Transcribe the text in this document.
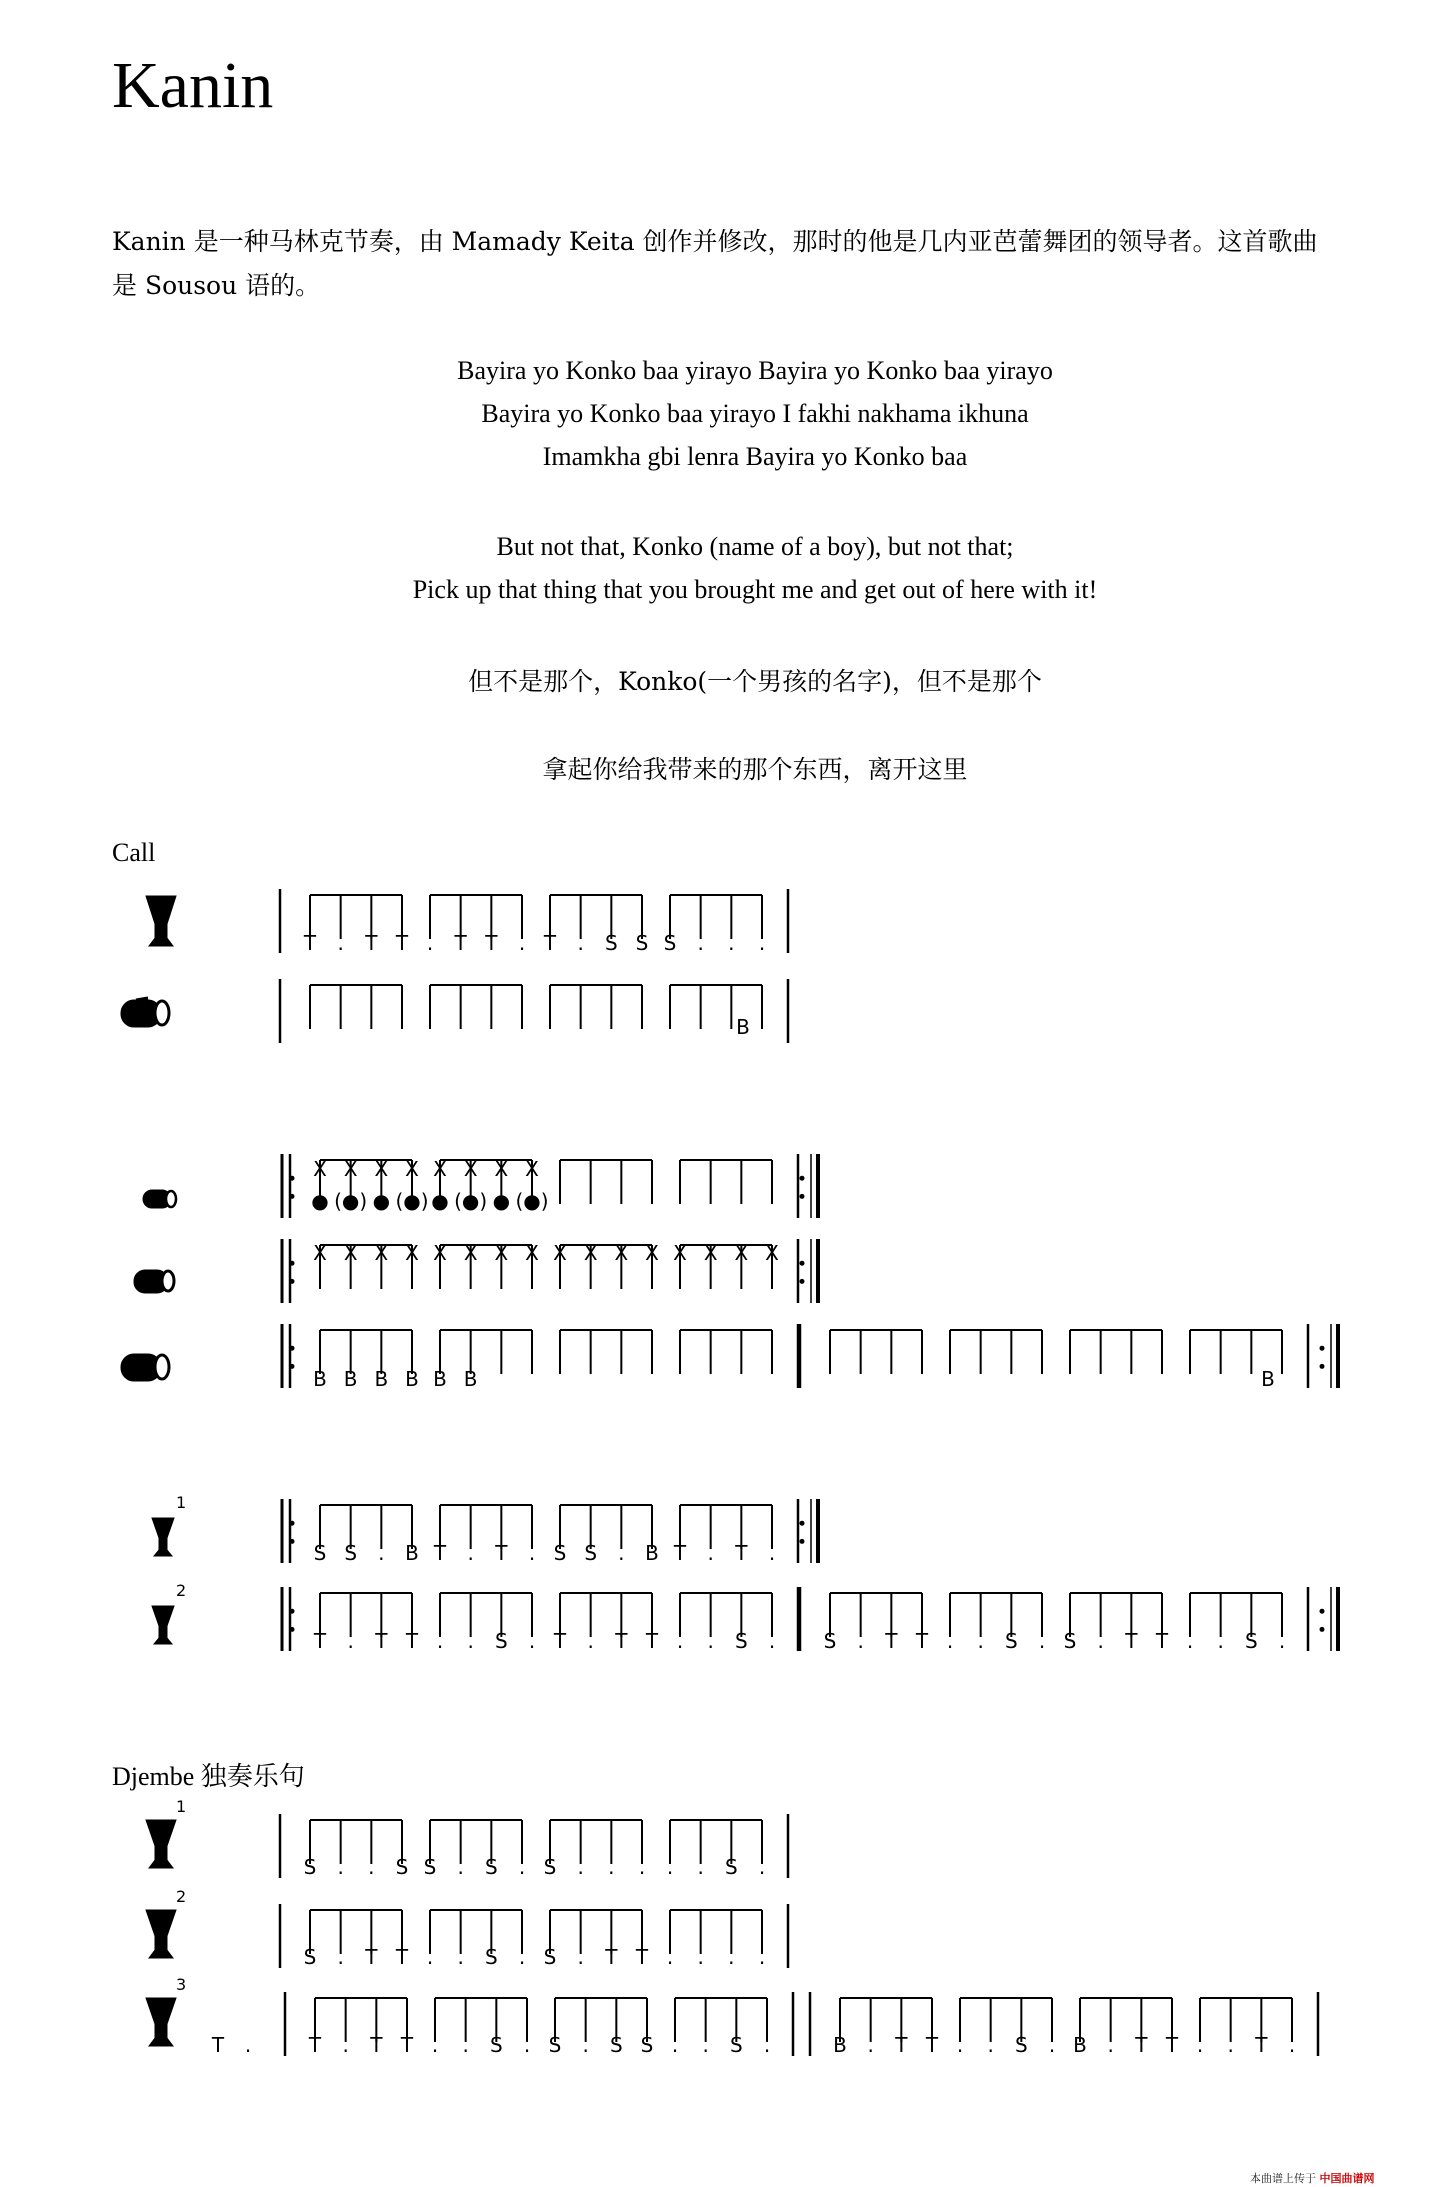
Kanin
Kanin 是一种马林克节奏，由 Mamady Keita 创作并修改，那时的他是几内亚芭蕾舞团的领导者。这首歌曲是 Sousou 语的。
Bayira yo Konko baa yirayo Bayira yo Konko baa yirayo
Bayira yo Konko baa yirayo I fakhi nakhama ikhuna
Imamkha gbi lenra Bayira yo Konko baa
But not that, Konko (name of a boy), but not that;
Pick up that thing that you brought me and get out of here with it!
但不是那个，Konko(一个男孩的名字)，但不是那个
拿起你给我带来的那个东西，离开这里
Call
Djembe 独奏乐句
1
2
1
2
3
T . T T . T T . T . S S S . . .
B
X X X X X X X X
● (●) ● (●) ● (●) ● (●)
X X X X X X X X X X X X X X X X
B B B B B B	B
S S . B T . T . S S . B T . T .
T . T T . . S . T . T T . . S . S . T T . . S . S . T T . . S .
S . . S S . S . S . . . . . S .
S . T T . . S . S . T T . . . .
T .	T . T T . . S . S . S S . . S .	B . T T . . S . B . T T . . T .
本曲谱上传于 中国曲谱网
